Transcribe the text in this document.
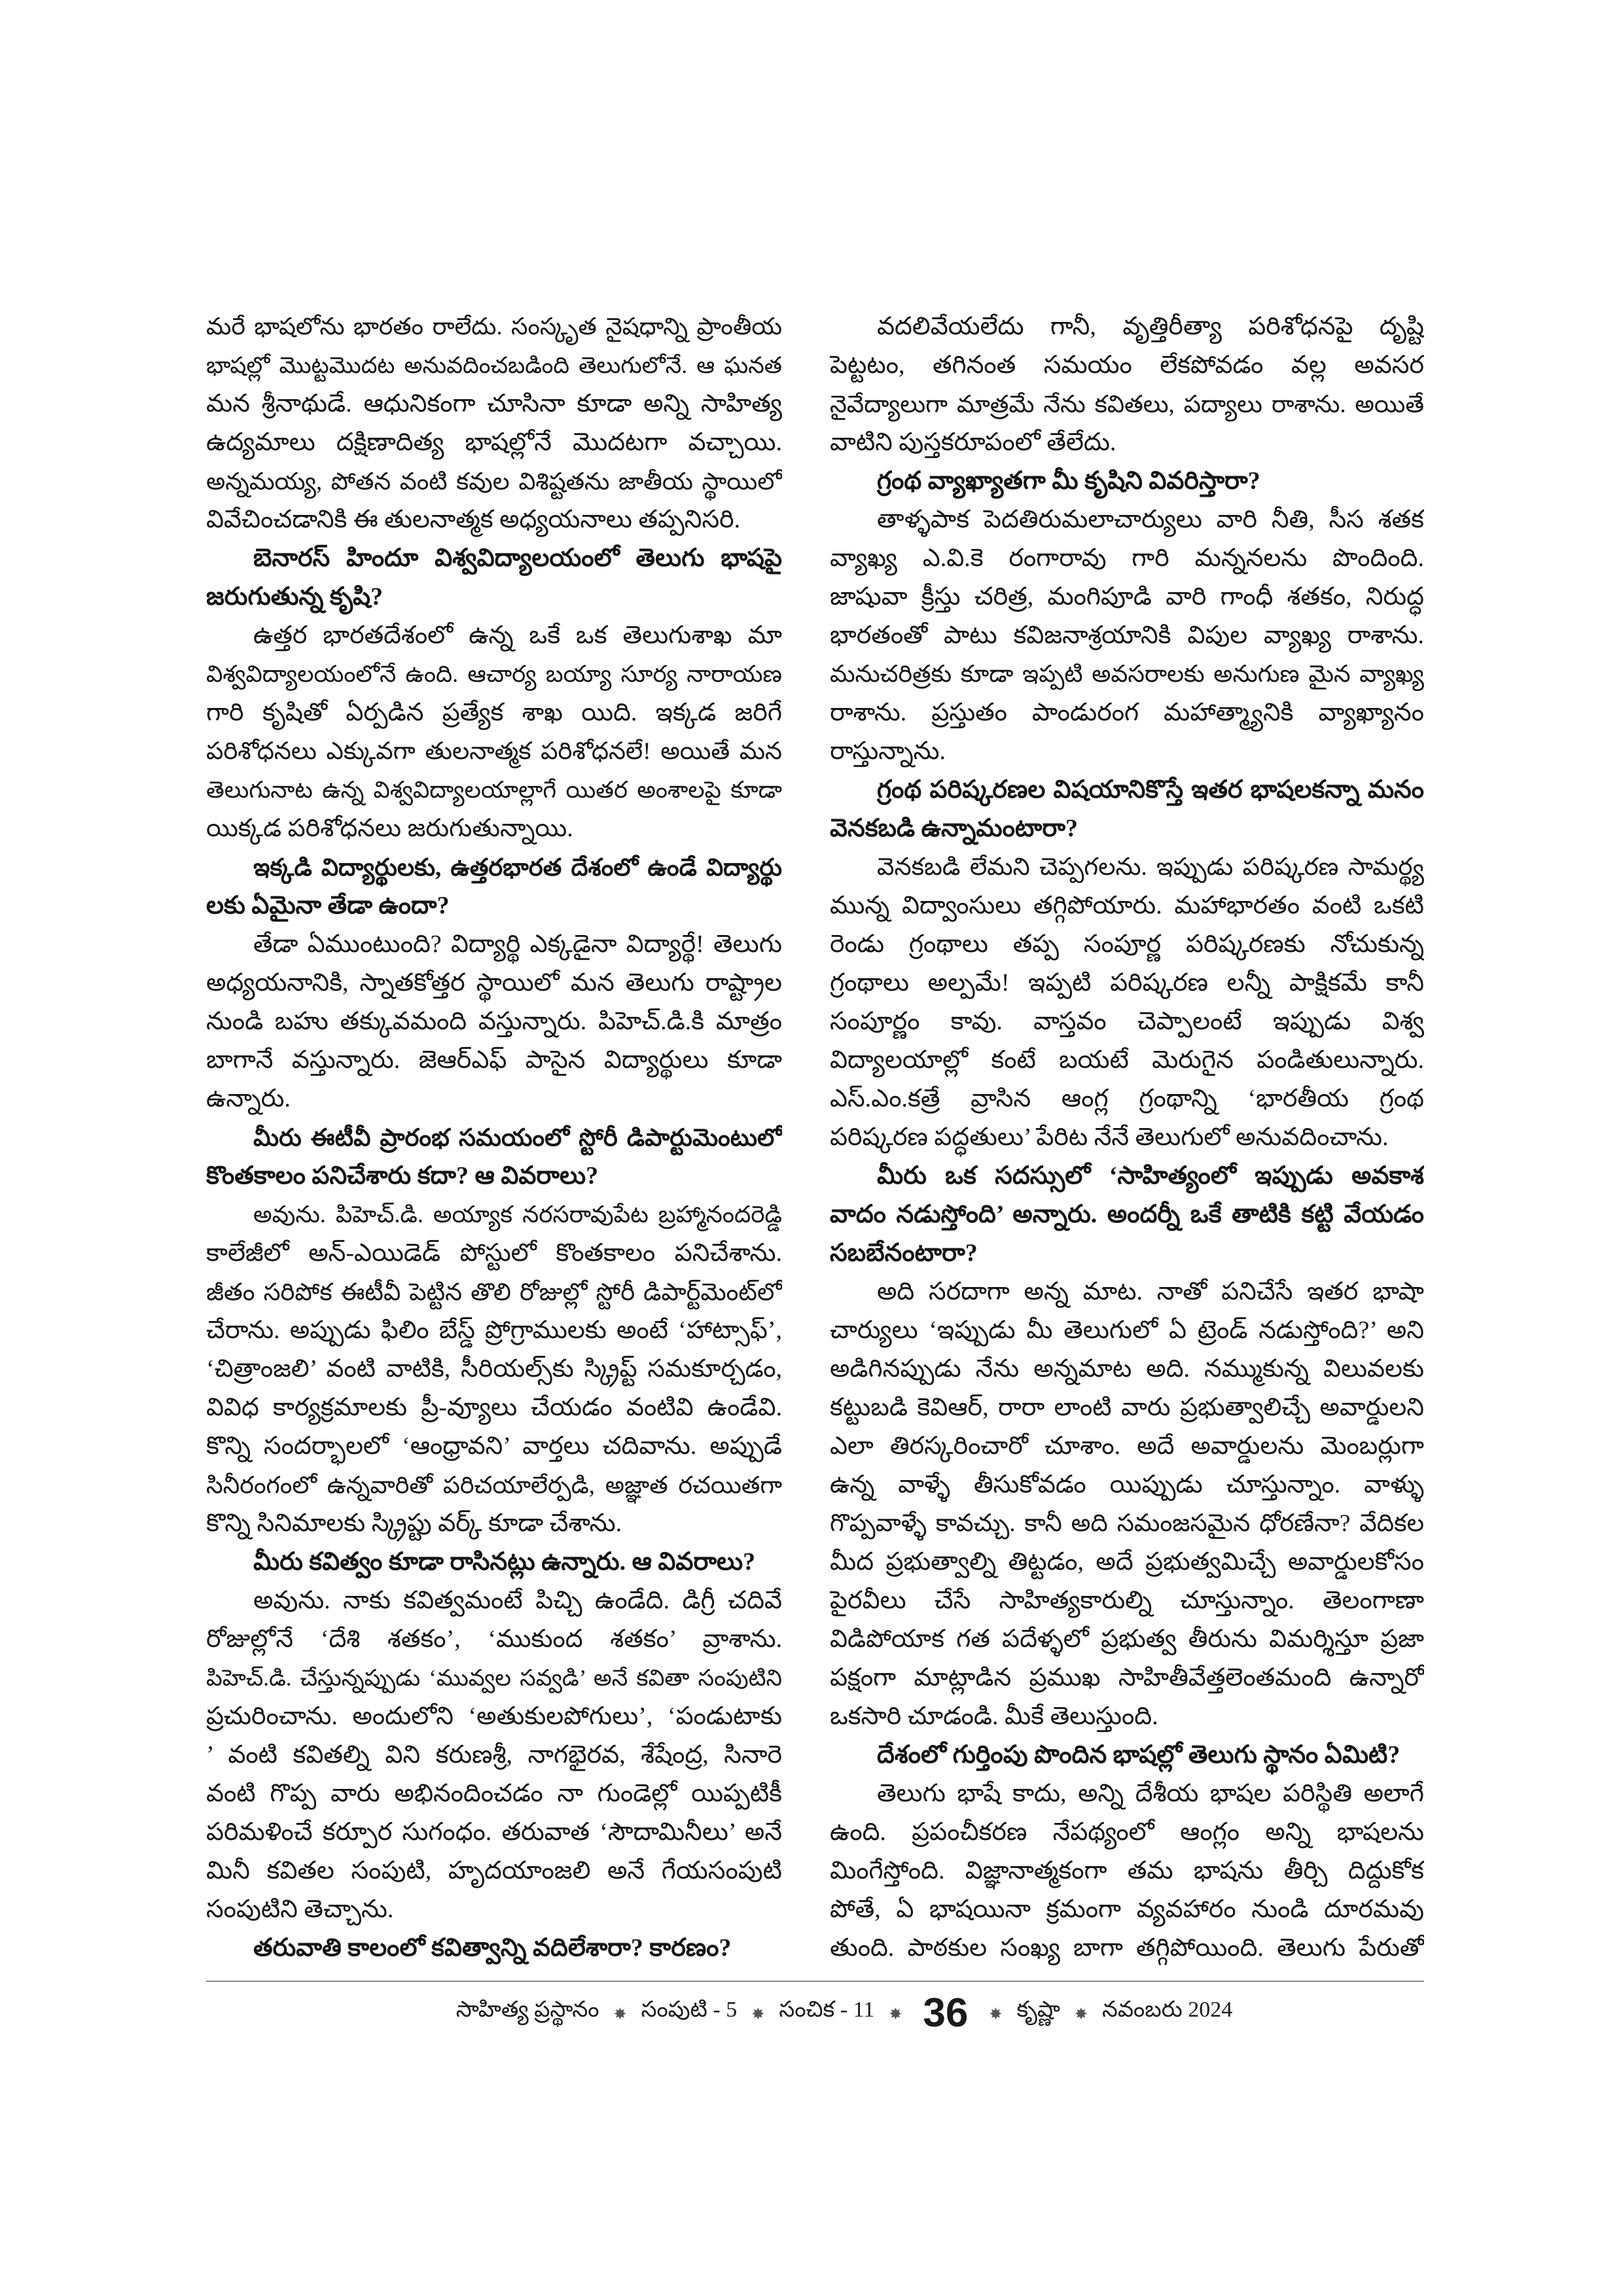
మరే భాషలోను భారతం రాలేదు. సంస్కృత నైషధాన్ని ప్రాంతీయ
భాషల్లో మొట్టమొదట అనువదించబడింది తెలుగులోనే. ఆ ఘనత
మన శ్రీనాథుడే. ఆధునికంగా చూసినా కూడా అన్ని సాహిత్య
ఉద్యమాలు దక్షిణాదిత్య భాషల్లోనే మొదటగా వచ్చాయి.
అన్నమయ్య, పోతన వంటి కవుల విశిష్టతను జాతీయ స్థాయిలో
వివేచించడానికి ఈ తులనాత్మక అధ్యయనాలు తప్పనిసరి.
బెనారస్ హిందూ విశ్వవిద్యాలయంలో తెలుగు భాషపై
జరుగుతున్న కృషి?
ఉత్తర భారతదేశంలో ఉన్న ఒకే ఒక తెలుగుశాఖ మా
విశ్వవిద్యాలయంలోనే ఉంది. ఆచార్య బయ్యా సూర్య నారాయణ
గారి కృషితో ఏర్పడిన ప్రత్యేక శాఖ యిది. ఇక్కడ జరిగే
పరిశోధనలు ఎక్కువగా తులనాత్మక పరిశోధనలే! అయితే మన
తెలుగునాట ఉన్న విశ్వవిద్యాలయాల్లాగే యితర అంశాలపై కూడా
యిక్కడ పరిశోధనలు జరుగుతున్నాయి.
ఇక్కడి విద్యార్థులకు, ఉత్తరభారత దేశంలో ఉండే విద్యార్థు
లకు ఏమైనా తేడా ఉందా?
తేడా ఏముంటుంది? విద్యార్థి ఎక్కడైనా విద్యార్థే! తెలుగు
అధ్యయనానికి, స్నాతకోత్తర స్థాయిలో మన తెలుగు రాష్ట్రాల
నుండి బహు తక్కువమంది వస్తున్నారు. పిహెచ్.డి.కి మాత్రం
బాగానే వస్తున్నారు. జెఆర్ఎఫ్ పాసైన విద్యార్థులు కూడా
ఉన్నారు.
మీరు ఈటీవీ ప్రారంభ సమయంలో స్టోరీ డిపార్టుమెంటులో
కొంతకాలం పనిచేశారు కదా? ఆ వివరాలు?
అవును. పిహెచ్.డి. అయ్యాక నరసరావుపేట బ్రహ్మానందరెడ్డి
కాలేజీలో అన్-ఎయిడెడ్ పోస్టులో కొంతకాలం పనిచేశాను.
జీతం సరిపోక ఈటీవీ పెట్టిన తొలి రోజుల్లో స్టోరీ డిపార్ట్‌మెంట్‌లో
చేరాను. అప్పుడు ఫిలిం బేస్డ్ ప్రోగ్రాములకు అంటే ‘హాట్సాఫ్’,
‘చిత్రాంజలి’ వంటి వాటికి, సీరియల్స్‌కు స్క్రిప్ట్ సమకూర్చడం,
వివిధ కార్యక్రమాలకు ప్రీ-వ్యూలు చేయడం వంటివి ఉండేవి.
కొన్ని సందర్భాలలో ‘ఆంధ్రావని’ వార్తలు చదివాను. అప్పుడే
సినీరంగంలో ఉన్నవారితో పరిచయాలేర్పడి, అజ్ఞాత రచయితగా
కొన్ని సినిమాలకు స్క్రిప్టు వర్క్ కూడా చేశాను.
మీరు కవిత్వం కూడా రాసినట్లు ఉన్నారు. ఆ వివరాలు?
అవును. నాకు కవిత్వమంటే పిచ్చి ఉండేది. డిగ్రీ చదివే
రోజుల్లోనే ‘దేశి శతకం’, ‘ముకుంద శతకం’ వ్రాశాను.
పిహెచ్.డి. చేస్తున్నప్పుడు ‘మువ్వల సవ్వడి’ అనే కవితా సంపుటిని
ప్రచురించాను. అందులోని ‘అతుకులపోగులు’, ‘పండుటాకు
’ వంటి కవితల్ని విని కరుణశ్రీ, నాగభైరవ, శేషేంద్ర, సినారె
వంటి గొప్ప వారు అభినందించడం నా గుండెల్లో యిప్పటికీ
పరిమళించే కర్పూర సుగంధం. తరువాత ‘సౌదామినీలు’ అనే
మినీ కవితల సంపుటి, హృదయాంజలి అనే గేయసంపుటి
సంపుటిని తెచ్చాను.
తరువాతి కాలంలో కవిత్వాన్ని వదిలేశారా? కారణం?
వదలివేయలేదు గానీ, వృత్తిరీత్యా పరిశోధనపై దృష్టి
పెట్టటం, తగినంత సమయం లేకపోవడం వల్ల అవసర
నైవేద్యాలుగా మాత్రమే నేను కవితలు, పద్యాలు రాశాను. అయితే
వాటిని పుస్తకరూపంలో తేలేదు.
గ్రంథ వ్యాఖ్యాతగా మీ కృషిని వివరిస్తారా?
తాళ్ళపాక పెదతిరుమలాచార్యులు వారి నీతి, సీస శతక
వ్యాఖ్య ఎ.వి.కె రంగారావు గారి మన్ననలను పొందింది.
జాషువా క్రీస్తు చరిత్ర, మంగిపూడి వారి గాంధీ శతకం, నిరుద్ధ
భారతంతో పాటు కవిజనాశ్రయానికి విపుల వ్యాఖ్య రాశాను.
మనుచరిత్రకు కూడా ఇప్పటి అవసరాలకు అనుగుణ మైన వ్యాఖ్య
రాశాను. ప్రస్తుతం పాండురంగ మహాత్మ్యానికి వ్యాఖ్యానం
రాస్తున్నాను.
గ్రంథ పరిష్కరణల విషయానికొస్తే ఇతర భాషలకన్నా మనం
వెనకబడి ఉన్నామంటారా?
వెనకబడి లేమని చెప్పగలను. ఇప్పుడు పరిష్కరణ సామర్థ్య
మున్న విద్వాంసులు తగ్గిపోయారు. మహాభారతం వంటి ఒకటి
రెండు గ్రంథాలు తప్ప సంపూర్ణ పరిష్కరణకు నోచుకున్న
గ్రంథాలు అల్పమే! ఇప్పటి పరిష్కరణ లన్నీ పాక్షికమే కానీ
సంపూర్ణం కావు. వాస్తవం చెప్పాలంటే ఇప్పుడు విశ్వ
విద్యాలయాల్లో కంటే బయటే మెరుగైన పండితులున్నారు.
ఎస్.ఎం.కత్రే వ్రాసిన ఆంగ్ల గ్రంథాన్ని ‘భారతీయ గ్రంథ
పరిష్కరణ పద్ధతులు’ పేరిట నేనే తెలుగులో అనువదించాను.
మీరు ఒక సదస్సులో ‘సాహిత్యంలో ఇప్పుడు అవకాశ
వాదం నడుస్తోంది’ అన్నారు. అందర్నీ ఒకే తాటికి కట్టి వేయడం
సబబేనంటారా?
అది సరదాగా అన్న మాట. నాతో పనిచేసే ఇతర భాషా
చార్యులు ‘ఇప్పుడు మీ తెలుగులో ఏ ట్రెండ్ నడుస్తోంది?’ అని
అడిగినప్పుడు నేను అన్నమాట అది. నమ్ముకున్న విలువలకు
కట్టుబడి కెవిఆర్, రారా లాంటి వారు ప్రభుత్వాలిచ్చే అవార్డులని
ఎలా తిరస్కరించారో చూశాం. అదే అవార్డులను మెంబర్లుగా
ఉన్న వాళ్ళే తీసుకోవడం యిప్పుడు చూస్తున్నాం. వాళ్ళు
గొప్పవాళ్ళే కావచ్చు. కానీ అది సమంజసమైన ధోరణేనా? వేదికల
మీద ప్రభుత్వాల్ని తిట్టడం, అదే ప్రభుత్వమిచ్చే అవార్డులకోసం
పైరవీలు చేసే సాహిత్యకారుల్ని చూస్తున్నాం. తెలంగాణా
విడిపోయాక గత పదేళ్ళలో ప్రభుత్వ తీరును విమర్శిస్తూ ప్రజా
పక్షంగా మాట్లాడిన ప్రముఖ సాహితీవేత్తలెంతమంది ఉన్నారో
ఒకసారి చూడండి. మీకే తెలుస్తుంది.
దేశంలో గుర్తింపు పొందిన భాషల్లో తెలుగు స్థానం ఏమిటి?
తెలుగు భాషే కాదు, అన్ని దేశీయ భాషల పరిస్థితి అలాగే
ఉంది. ప్రపంచీకరణ నేపథ్యంలో ఆంగ్లం అన్ని భాషలను
మింగేస్తోంది. విజ్ఞానాత్మకంగా తమ భాషను తీర్చి దిద్దుకోక
పోతే, ఏ భాషయినా క్రమంగా వ్యవహారం నుండి దూరమవు
తుంది. పాఠకుల సంఖ్య బాగా తగ్గిపోయింది. తెలుగు పేరుతో
సాహిత్య ప్రస్థానం ✸ సంపుటి - 5 ✸ సంచిక - 11 ✸ 36 ✸ కృష్ణా ✸ నవంబరు 2024
